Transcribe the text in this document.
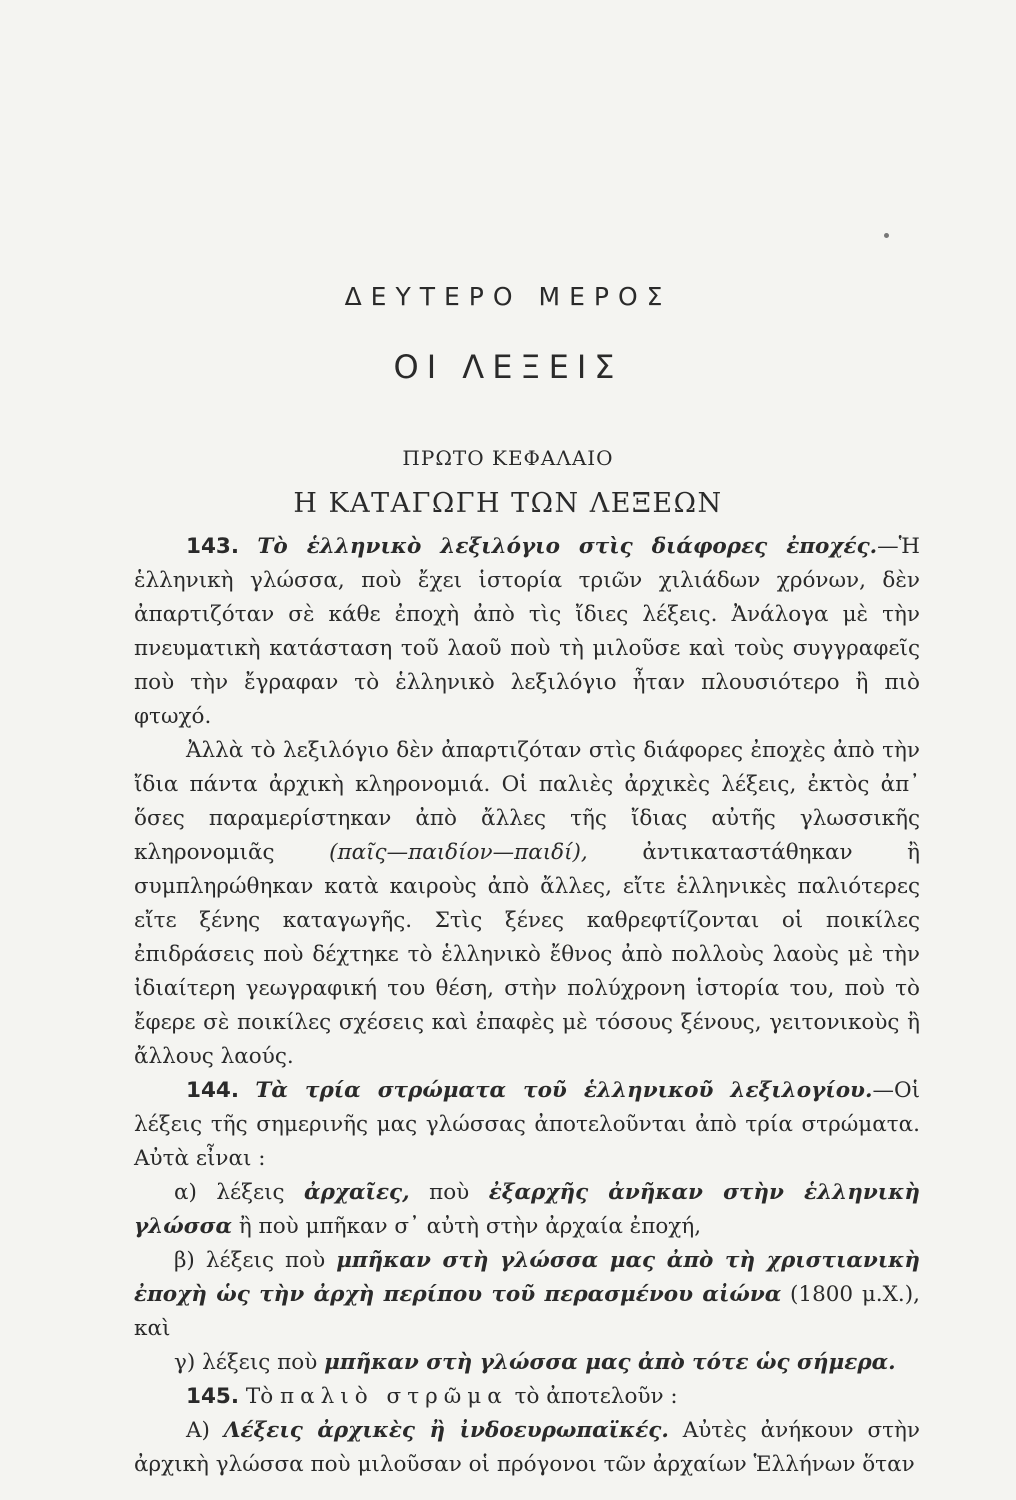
ΔΕΥΤΕΡΟ ΜΕΡΟΣ
ΟΙ ΛΕΞΕΙΣ
ΠΡΩΤΟ ΚΕΦΑΛΑΙΟ
Η ΚΑΤΑΓΩΓΗ ΤΩΝ ΛΕΞΕΩΝ

143. Τὸ ἑλληνικὸ λεξιλόγιο στὶς διάφορες ἐποχές.—Ἡ ἑλληνικὴ γλώσσα, ποὺ ἔχει ἱστορία τριῶν χιλιάδων χρόνων, δὲν ἀπαρτιζόταν σὲ κάθε ἐποχὴ ἀπὸ τὶς ἴδιες λέξεις. Ἀνάλογα μὲ τὴν πνευματικὴ κατάσταση τοῦ λαοῦ ποὺ τὴ μιλοῦσε καὶ τοὺς συγγραφεῖς ποὺ τὴν ἔγραφαν τὸ ἑλληνικὸ λεξιλόγιο ἦταν πλουσιότερο ἢ πιὸ φτωχό.

Ἀλλὰ τὸ λεξιλόγιο δὲν ἀπαρτιζόταν στὶς διάφορες ἐποχὲς ἀπὸ τὴν ἴδια πάντα ἀρχικὴ κληρονομιά. Οἱ παλιὲς ἀρχικὲς λέξεις, ἐκτὸς ἀπ᾽ ὅσες παραμερίστηκαν ἀπὸ ἄλλες τῆς ἴδιας αὐτῆς γλωσσικῆς κληρονομιᾶς	(παῖς—παιδίον—παιδί),	ἀντικαταστάθηκαν ἢ συμπληρώθηκαν κατὰ καιροὺς ἀπὸ ἄλλες, εἴτε ἑλληνικὲς παλιότερες εἴτε ξένης καταγωγῆς. Στὶς ξένες καθρεφτίζονται οἱ ποικίλες ἐπιδράσεις ποὺ δέχτηκε τὸ ἑλληνικὸ ἔθνος ἀπὸ πολλοὺς λαοὺς μὲ τὴν ἰδιαίτερη γεωγραφική του θέση, στὴν πολύχρονη ἱστορία του, ποὺ τὸ ἔφερε σὲ ποικίλες σχέσεις καὶ ἐπαφὲς μὲ τόσους ξένους, γειτονικοὺς ἢ ἄλλους λαούς.

144. Τὰ τρία στρώματα τοῦ ἑλληνικοῦ λεξιλογίου.—Οἱ λέξεις τῆς σημερινῆς μας γλώσσας ἀποτελοῦνται ἀπὸ τρία στρώματα. Αὐτὰ εἶναι :

α) λέξεις ἀρχαῖες, ποὺ ἐξαρχῆς ἀνῆκαν στὴν ἑλληνικὴ γλώσσα ἢ ποὺ μπῆκαν σ᾽ αὐτὴ στὴν ἀρχαία ἐποχή,

β) λέξεις ποὺ μπῆκαν στὴ γλώσσα μας ἀπὸ τὴ χριστιανικὴ ἐποχὴ ὡς τὴν ἀρχὴ περίπου τοῦ περασμένου αἰώνα (1800 μ.Χ.), καὶ

γ) λέξεις ποὺ μπῆκαν στὴ γλώσσα μας ἀπὸ τότε ὡς σήμερα.

145. Τὸ παλιὸ στρῶμα τὸ ἀποτελοῦν :

Α) Λέξεις ἀρχικὲς ἢ ἰνδοευρωπαϊκές. Αὐτὲς ἀνήκουν στὴν ἀρχικὴ γλώσσα ποὺ μιλοῦσαν οἱ πρόγονοι τῶν ἀρχαίων Ἑλλήνων ὅταν
